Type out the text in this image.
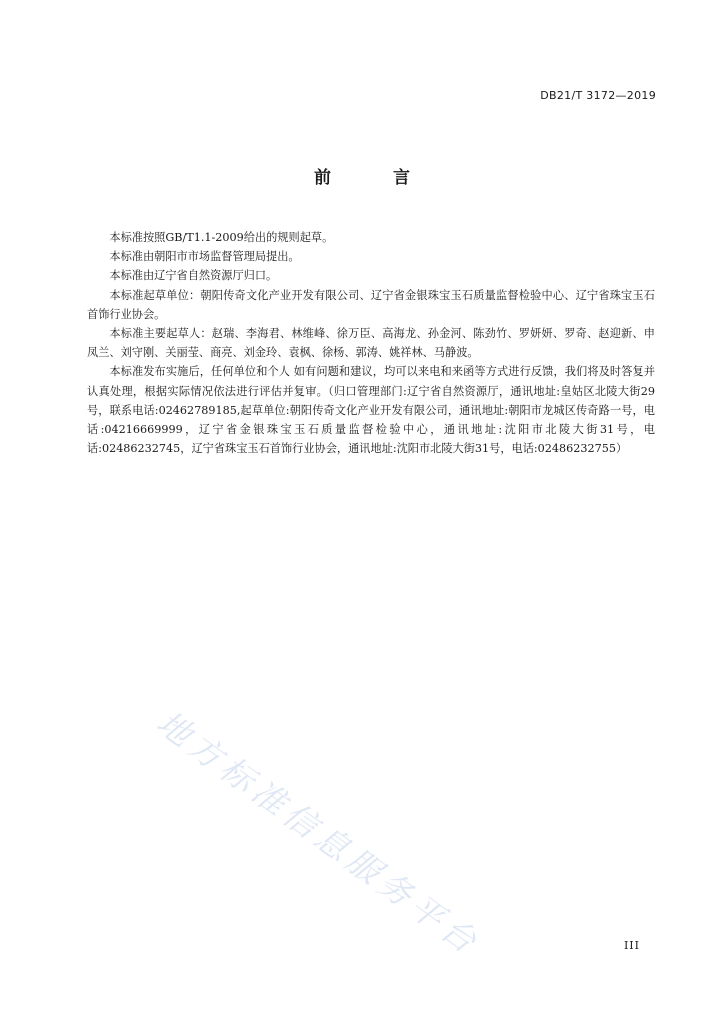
DB21/T 3172—2019
前 言

本标准按照GB/T1.1-2009给出的规则起草。

本标准由朝阳市市场监督管理局提出。

本标准由辽宁省自然资源厅归口。

本标准起草单位：朝阳传奇文化产业开发有限公司、辽宁省金银珠宝玉石质量监督检验中心、辽宁省珠宝玉石首饰行业协会。

本标准主要起草人：赵瑞、李海君、林维峰、徐万臣、高海龙、孙金河、陈劲竹、罗妍妍、罗奇、赵迎新、申凤兰、刘守刚、关丽莹、商亮、刘金玲、袁枫、徐杨、郭涛、姚祥林、马静波。

本标准发布实施后，任何单位和个人 如有问题和建议，均可以来电和来函等方式进行反馈，我们将及时答复并认真处理，根据实际情况依法进行评估并复审。（归口管理部门:辽宁省自然资源厅，通讯地址:皇姑区北陵大街29号，联系电话:02462789185,起草单位:朝阳传奇文化产业开发有限公司，通讯地址:朝阳市龙城区传奇路一号，电话:04216669999，辽宁省金银珠宝玉石质量监督检验中心，通讯地址:沈阳市北陵大街31号，电话:02486232745，辽宁省珠宝玉石首饰行业协会，通讯地址:沈阳市北陵大街31号，电话:02486232755）

地方标准信息服务平台	III
